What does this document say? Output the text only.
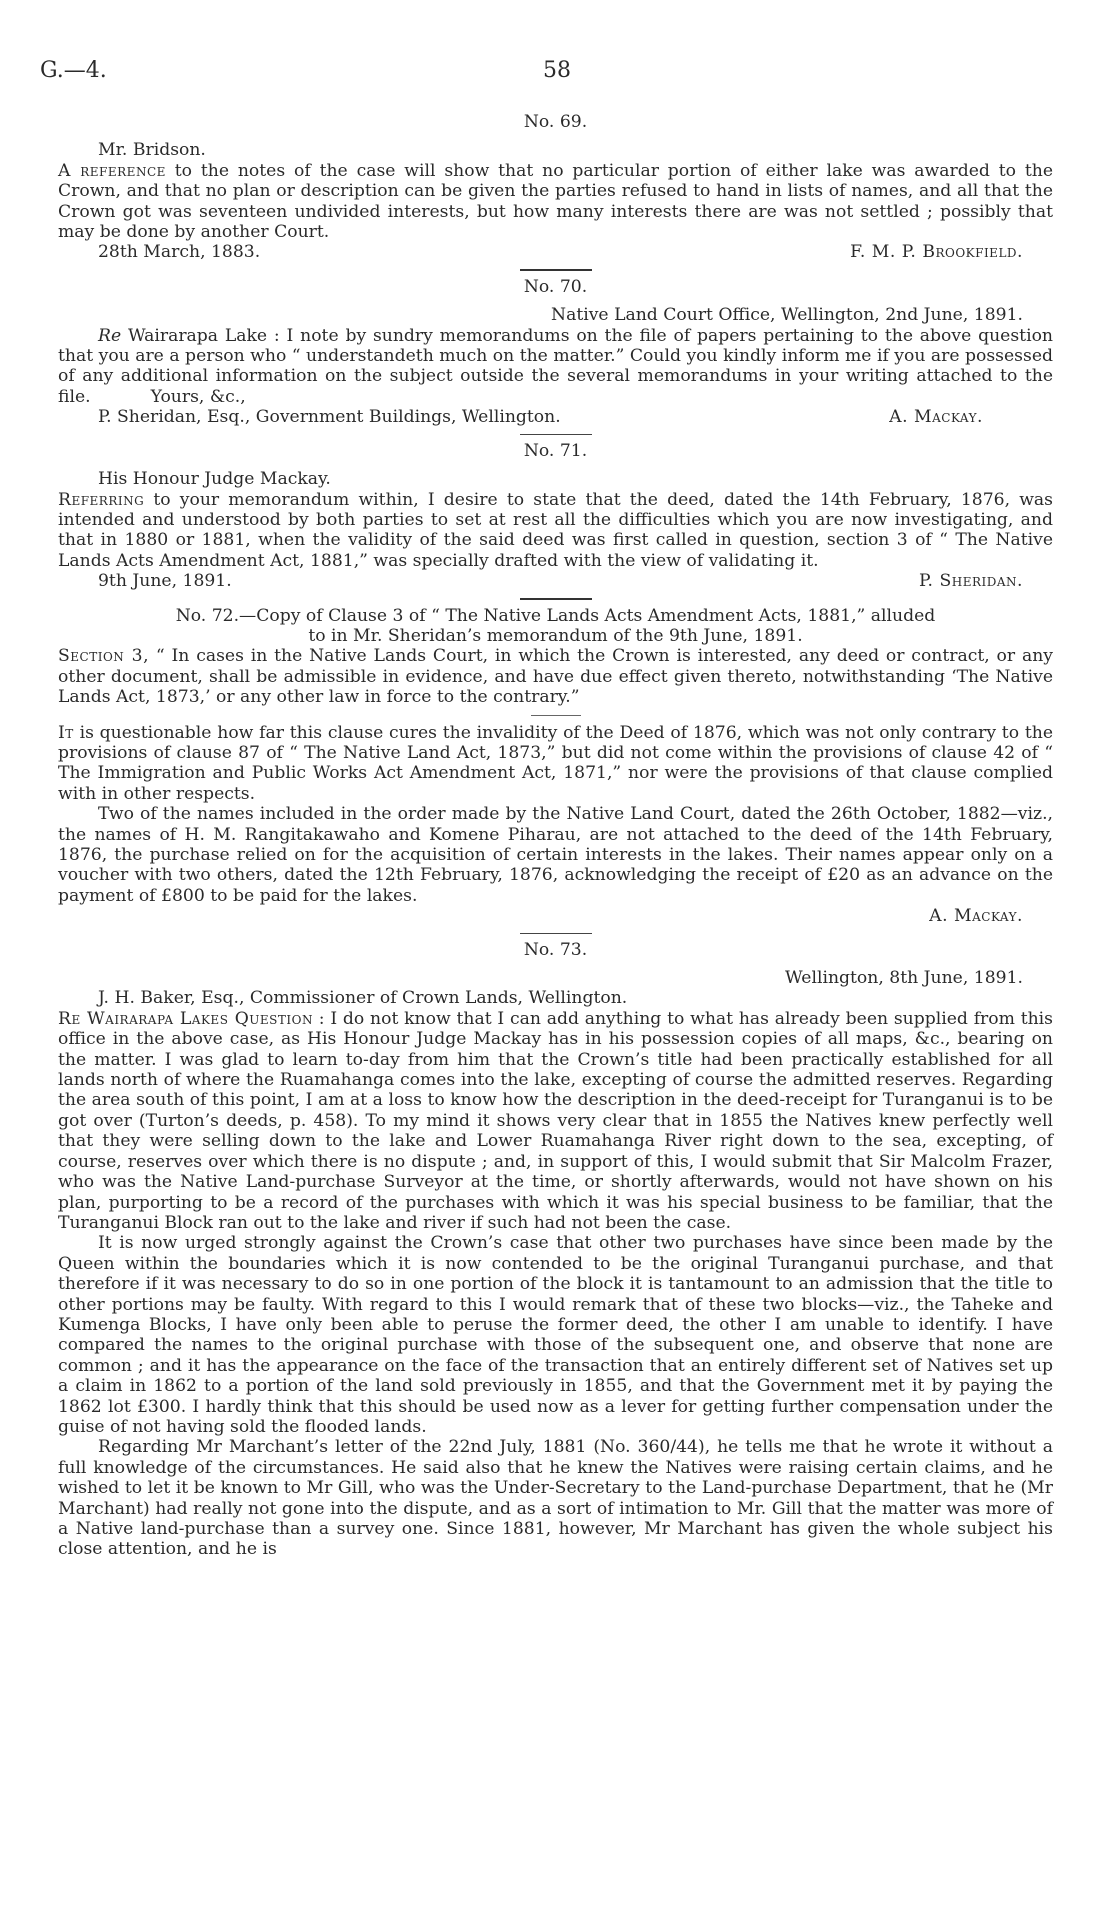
G.—4.	58

No. 69.

Mr. Bridson.

A reference to the notes of the case will show that no particular portion of either lake was awarded to the Crown, and that no plan or description can be given the parties refused to hand in lists of names, and all that the Crown got was seventeen undivided interests, but how many interests there are was not settled ; possibly that may be done by another Court.

28th March, 1883.	F. M. P. Brookfield.

No. 70.

Native Land Court Office, Wellington, 2nd June, 1891.

Re Wairarapa Lake : I note by sundry memorandums on the file of papers pertaining to the above question that you are a person who “ understandeth much on the matter.” Could you kindly inform me if you are possessed of any additional information on the subject outside the several memorandums in your writing attached to the file.	Yours, &c.,

P. Sheridan, Esq., Government Buildings, Wellington.	A. Mackay.

No. 71.

His Honour Judge Mackay.

Referring to your memorandum within, I desire to state that the deed, dated the 14th February, 1876, was intended and understood by both parties to set at rest all the difficulties which you are now investigating, and that in 1880 or 1881, when the validity of the said deed was first called in question, section 3 of “ The Native Lands Acts Amendment Act, 1881,” was specially drafted with the view of validating it.

9th June, 1891.	P. Sheridan.

No. 72.—Copy of Clause 3 of “ The Native Lands Acts Amendment Acts, 1881,” alluded

to in Mr. Sheridan’s memorandum of the 9th June, 1891.

Section 3, “ In cases in the Native Lands Court, in which the Crown is interested, any deed or contract, or any other document, shall be admissible in evidence, and have due effect given thereto, notwithstanding ‘The Native Lands Act, 1873,’ or any other law in force to the contrary.”

It is questionable how far this clause cures the invalidity of the Deed of 1876, which was not only contrary to the provisions of clause 87 of “ The Native Land Act, 1873,” but did not come within the provisions of clause 42 of “ The Immigration and Public Works Act Amendment Act, 1871,” nor were the provisions of that clause complied with in other respects.

Two of the names included in the order made by the Native Land Court, dated the 26th October, 1882—viz., the names of H. M. Rangitakawaho and Komene Piharau, are not attached to the deed of the 14th February, 1876, the purchase relied on for the acquisition of certain interests in the lakes. Their names appear only on a voucher with two others, dated the 12th February, 1876, acknowledging the receipt of £20 as an advance on the payment of £800 to be paid for the lakes.

A. Mackay.

No. 73.

Wellington, 8th June, 1891.

J. H. Baker, Esq., Commissioner of Crown Lands, Wellington.

Re Wairarapa Lakes Question : I do not know that I can add anything to what has already been supplied from this office in the above case, as His Honour Judge Mackay has in his possession copies of all maps, &c., bearing on the matter. I was glad to learn to-day from him that the Crown’s title had been practically established for all lands north of where the Ruamahanga comes into the lake, excepting of course the admitted reserves. Regarding the area south of this point, I am at a loss to know how the description in the deed-receipt for Turanganui is to be got over (Turton’s deeds, p. 458). To my mind it shows very clear that in 1855 the Natives knew perfectly well that they were selling down to the lake and Lower Ruamahanga River right down to the sea, excepting, of course, reserves over which there is no dispute ; and, in support of this, I would submit that Sir Malcolm Frazer, who was the Native Land-purchase Surveyor at the time, or shortly afterwards, would not have shown on his plan, purporting to be a record of the purchases with which it was his special business to be familiar, that the Turanganui Block ran out to the lake and river if such had not been the case.

It is now urged strongly against the Crown’s case that other two purchases have since been made by the Queen within the boundaries which it is now contended to be the original Turanganui purchase, and that therefore if it was necessary to do so in one portion of the block it is tantamount to an admission that the title to other portions may be faulty. With regard to this I would remark that of these two blocks—viz., the Taheke and Kumenga Blocks, I have only been able to peruse the former deed, the other I am unable to identify. I have compared the names to the original purchase with those of the subsequent one, and observe that none are common ; and it has the appearance on the face of the transaction that an entirely different set of Natives set up a claim in 1862 to a portion of the land sold previously in 1855, and that the Government met it by paying the 1862 lot £300. I hardly think that this should be used now as a lever for getting further compensation under the guise of not having sold the flooded lands.

Regarding Mr Marchant’s letter of the 22nd July, 1881 (No. 360/44), he tells me that he wrote it without a full knowledge of the circumstances. He said also that he knew the Natives were raising certain claims, and he wished to let it be known to Mr Gill, who was the Under-Secretary to the Land-purchase Department, that he (Mr Marchant) had really not gone into the dispute, and as a sort of intimation to Mr. Gill that the matter was more of a Native land-purchase than a survey one. Since 1881, however, Mr Marchant has given the whole subject his close attention, and he is
